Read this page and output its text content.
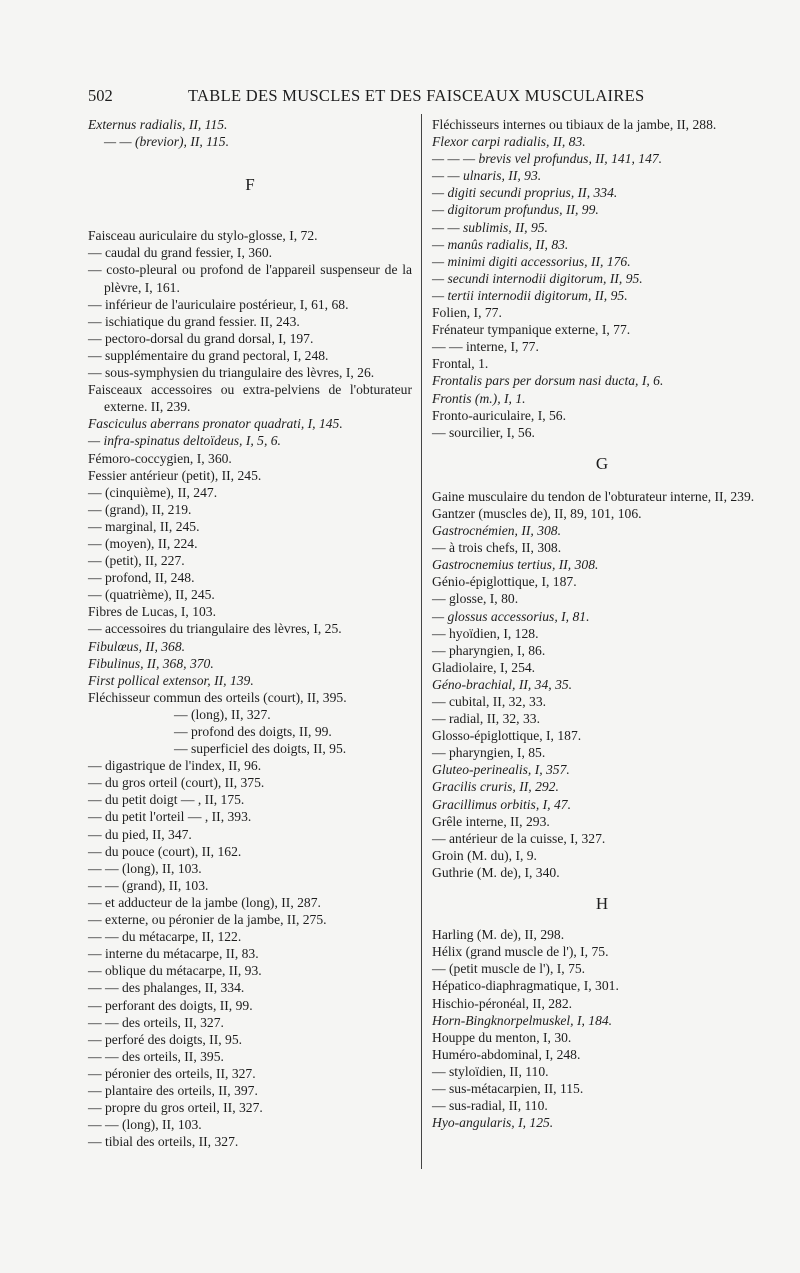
502	TABLE DES MUSCLES ET DES FAISCEAUX MUSCULAIRES
Externus radialis, II, 115.
— — (brevior), II, 115.
F
Faisceau auriculaire du stylo-glosse, I, 72.
— caudal du grand fessier, I, 360.
— costo-pleural ou profond de l'appareil suspenseur de la plèvre, I, 161.
— inférieur de l'auriculaire postérieur, I, 61, 68.
— ischiatique du grand fessier. II, 243.
— pectoro-dorsal du grand dorsal, I, 197.
— supplémentaire du grand pectoral, I, 248.
— sous-symphysien du triangulaire des lèvres, I, 26.
Faisceaux accessoires ou extra-pelviens de l'obturateur externe. II, 239.
Fasciculus aberrans pronator quadrati, I, 145.
— infra-spinatus deltoïdeus, I, 5, 6.
Fémoro-coccygien, I, 360.
Fessier antérieur (petit), II, 245.
— (cinquième), II, 247.
— (grand), II, 219.
— marginal, II, 245.
— (moyen), II, 224.
— (petit), II, 227.
— profond, II, 248.
— (quatrième), II, 245.
Fibres de Lucas, I, 103.
— accessoires du triangulaire des lèvres, I, 25.
Fibulœus, II, 368.
Fibulinus, II, 368, 370.
First pollical extensor, II, 139.
Fléchisseur commun des orteils (court), II, 395.
— (long), II, 327.
— profond des doigts, II, 99.
— superficiel des doigts, II, 95.
— digastrique de l'index, II, 96.
— du gros orteil (court), II, 375.
— du petit doigt — , II, 175.
— du petit l'orteil — , II, 393.
— du pied, II, 347.
— du pouce (court), II, 162.
— — (long), II, 103.
— — (grand), II, 103.
— et adducteur de la jambe (long), II, 287.
— externe, ou péronier de la jambe, II, 275.
— — du métacarpe, II, 122.
— interne du métacarpe, II, 83.
— oblique du métacarpe, II, 93.
— — des phalanges, II, 334.
— perforant des doigts, II, 99.
— — des orteils, II, 327.
— perforé des doigts, II, 95.
— — des orteils, II, 395.
— péronier des orteils, II, 327.
— plantaire des orteils, II, 397.
— propre du gros orteil, II, 327.
— — (long), II, 103.
— tibial des orteils, II, 327.
Fléchisseurs internes ou tibiaux de la jambe, II, 288.
Flexor carpi radialis, II, 83.
— — — brevis vel profundus, II, 141, 147.
— — ulnaris, II, 93.
— digiti secundi proprius, II, 334.
— digitorum profundus, II, 99.
— — sublimis, II, 95.
— manûs radialis, II, 83.
— minimi digiti accessorius, II, 176.
— secundi internodii digitorum, II, 95.
— tertii internodii digitorum, II, 95.
Folien, I, 77.
Frénateur tympanique externe, I, 77.
— — interne, I, 77.
Frontal, 1.
Frontalis pars per dorsum nasi ducta, I, 6.
Frontis (m.), I, 1.
Fronto-auriculaire, I, 56.
— sourcilier, I, 56.
G
Gaine musculaire du tendon de l'obturateur interne, II, 239.
Gantzer (muscles de), II, 89, 101, 106.
Gastrocnémien, II, 308.
— à trois chefs, II, 308.
Gastrocnemius tertius, II, 308.
Génio-épiglottique, I, 187.
— glosse, I, 80.
— glossus accessorius, I, 81.
— hyoïdien, I, 128.
— pharyngien, I, 86.
Gladiolaire, I, 254.
Géno-brachial, II, 34, 35.
— cubital, II, 32, 33.
— radial, II, 32, 33.
Glosso-épiglottique, I, 187.
— pharyngien, I, 85.
Gluteo-perinealis, I, 357.
Gracilis cruris, II, 292.
Gracillimus orbitis, I, 47.
Grêle interne, II, 293.
— antérieur de la cuisse, I, 327.
Groin (M. du), I, 9.
Guthrie (M. de), I, 340.
H
Harling (M. de), II, 298.
Hélix (grand muscle de l'), I, 75.
— (petit muscle de l'), I, 75.
Hépatico-diaphragmatique, I, 301.
Hischio-péronéal, II, 282.
Horn-Bingknorpelmuskel, I, 184.
Houppe du menton, I, 30.
Huméro-abdominal, I, 248.
— styloïdien, II, 110.
— sus-métacarpien, II, 115.
— sus-radial, II, 110.
Hyo-angularis, I, 125.
